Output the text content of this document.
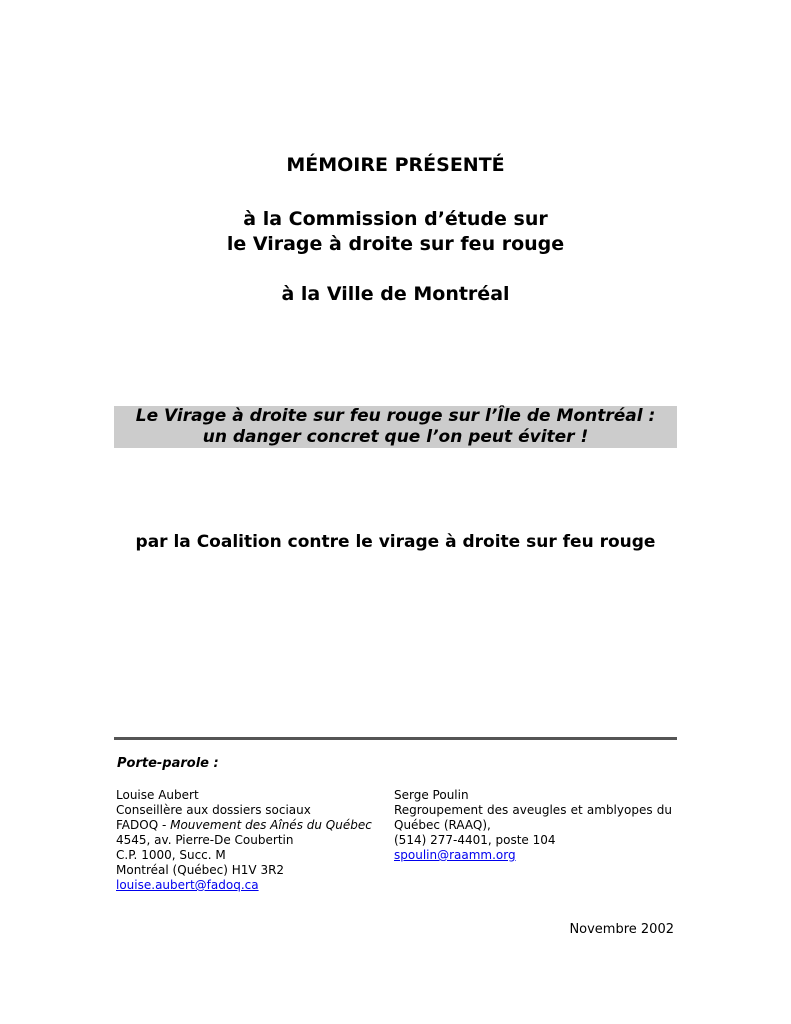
MÉMOIRE PRÉSENTÉ
à la Commission d’étude sur
le Virage à droite sur feu rouge
à la Ville de Montréal
Le Virage à droite sur feu rouge sur l’Île de Montréal :
un danger concret que l’on peut éviter !
par la Coalition contre le virage à droite sur feu rouge
Porte-parole :
Louise Aubert
Conseillère aux dossiers sociaux
FADOQ - Mouvement des Aînés du Québec
4545, av. Pierre-De Coubertin
C.P. 1000, Succ. M
Montréal (Québec) H1V 3R2
louise.aubert@fadoq.ca
Serge Poulin
Regroupement des aveugles et amblyopes du
Québec (RAAQ),
(514) 277-4401, poste 104
spoulin@raamm.org
Novembre 2002
